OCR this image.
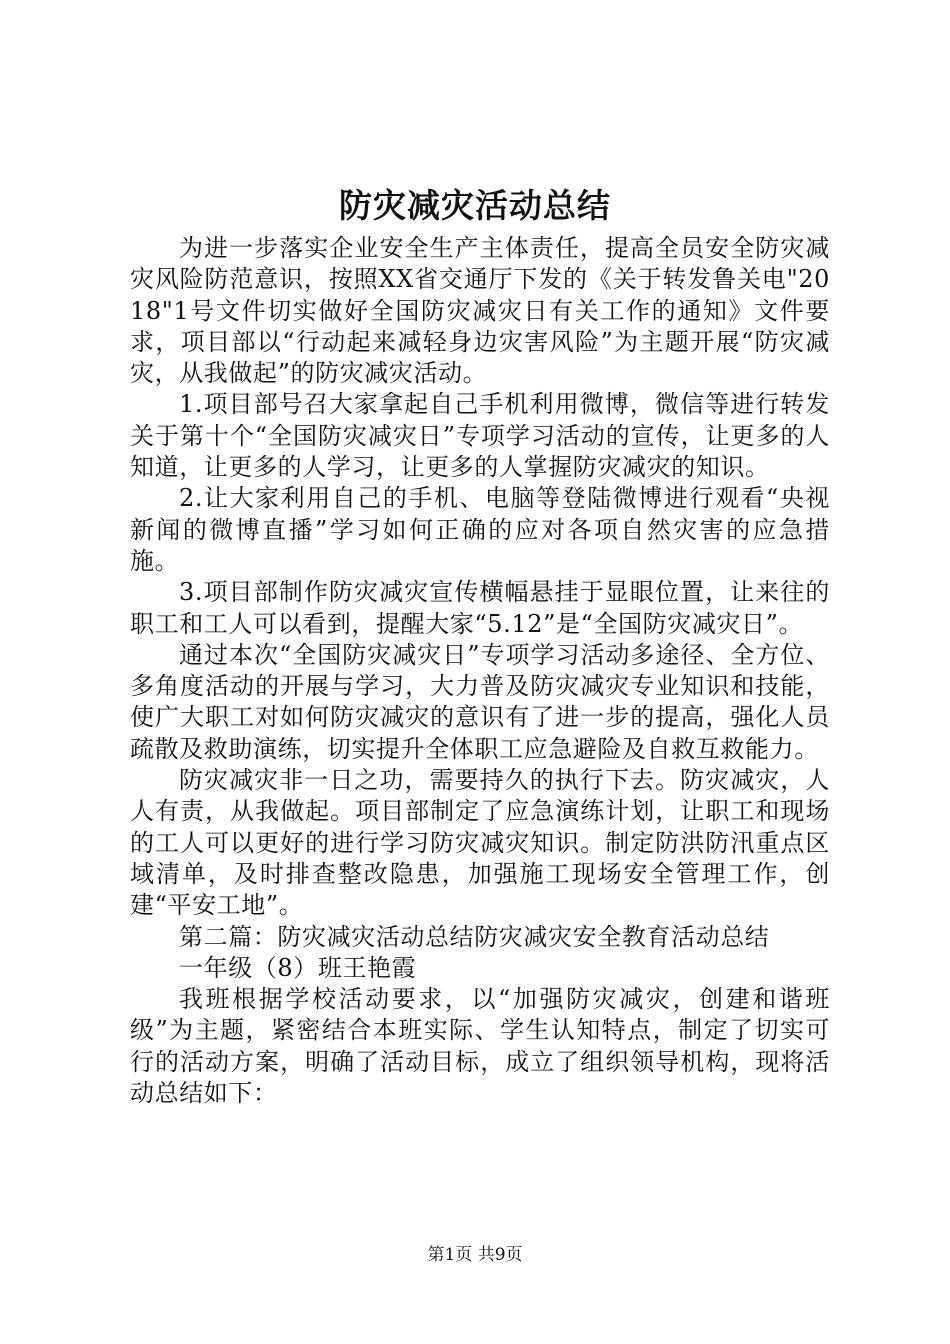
防灾减灾活动总结

为进一步落实企业安全生产主体责任，提高全员安全防灾减灾风险防范意识，按照XX省交通厅下发的《关于转发鲁关电"2018"1号文件切实做好全国防灾减灾日有关工作的通知》文件要求，项目部以“行动起来减轻身边灾害风险”为主题开展“防灾减灾，从我做起”的防灾减灾活动。

1.项目部号召大家拿起自己手机利用微博，微信等进行转发关于第十个“全国防灾减灾日”专项学习活动的宣传，让更多的人知道，让更多的人学习，让更多的人掌握防灾减灾的知识。

2.让大家利用自己的手机、电脑等登陆微博进行观看“央视新闻的微博直播”学习如何正确的应对各项自然灾害的应急措施。

3.项目部制作防灾减灾宣传横幅悬挂于显眼位置，让来往的职工和工人可以看到，提醒大家“5.12”是“全国防灾减灾日”。

通过本次“全国防灾减灾日”专项学习活动多途径、全方位、多角度活动的开展与学习，大力普及防灾减灾专业知识和技能，使广大职工对如何防灾减灾的意识有了进一步的提高，强化人员疏散及救助演练，切实提升全体职工应急避险及自救互救能力。

防灾减灾非一日之功，需要持久的执行下去。防灾减灾，人人有责，从我做起。项目部制定了应急演练计划，让职工和现场的工人可以更好的进行学习防灾减灾知识。制定防洪防汛重点区域清单，及时排查整改隐患，加强施工现场安全管理工作，创建“平安工地”。

第二篇：防灾减灾活动总结防灾减灾安全教育活动总结

一年级（8）班王艳霞

我班根据学校活动要求，以“加强防灾减灾，创建和谐班级”为主题，紧密结合本班实际、学生认知特点，制定了切实可行的活动方案，明确了活动目标，成立了组织领导机构，现将活动总结如下：

第1页 共9页
